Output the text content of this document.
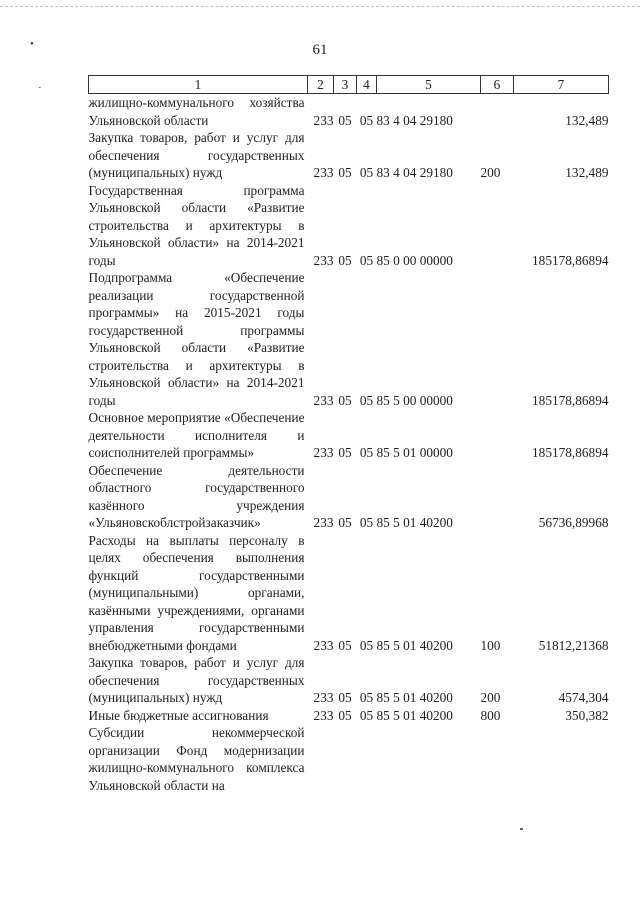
•
·
61
1	2	3	4	5	6	7
жилищно-коммунального хозяйства Ульяновской области	233	05	05	83 4 04 29180		132,489
Закупка товаров, работ и услуг для обеспечения государственных (муниципальных) нужд	233	05	05	83 4 04 29180	200	132,489
Государственная программа Ульяновской области «Развитие строительства и архитектуры в Ульяновской области» на 2014-2021 годы	233	05	05	85 0 00 00000		185178,86894
Подпрограмма «Обеспечение реализации государственной программы» на 2015-2021 годы государственной программы Ульяновской области «Развитие строительства и архитектуры в Ульяновской области» на 2014-2021 годы	233	05	05	85 5 00 00000		185178,86894
Основное мероприятие «Обеспечение деятельности исполнителя и соисполнителей программы»	233	05	05	85 5 01 00000		185178,86894
Обеспечение деятельности областного государственного казённого учреждения «Ульяновскоблстройзаказчик»	233	05	05	85 5 01 40200		56736,89968
Расходы на выплаты персоналу в целях обеспечения выполнения функций государственными (муниципальными) органами, казёнными учреждениями, органами управления государственными внебюджетными фондами	233	05	05	85 5 01 40200	100	51812,21368
Закупка товаров, работ и услуг для обеспечения государственных (муниципальных) нужд	233	05	05	85 5 01 40200	200	4574,304
Иные бюджетные ассигнования	233	05	05	85 5 01 40200	800	350,382
Субсидии некоммерческой организации Фонд модернизации жилищно-коммунального комплекса Ульяновской области на						
